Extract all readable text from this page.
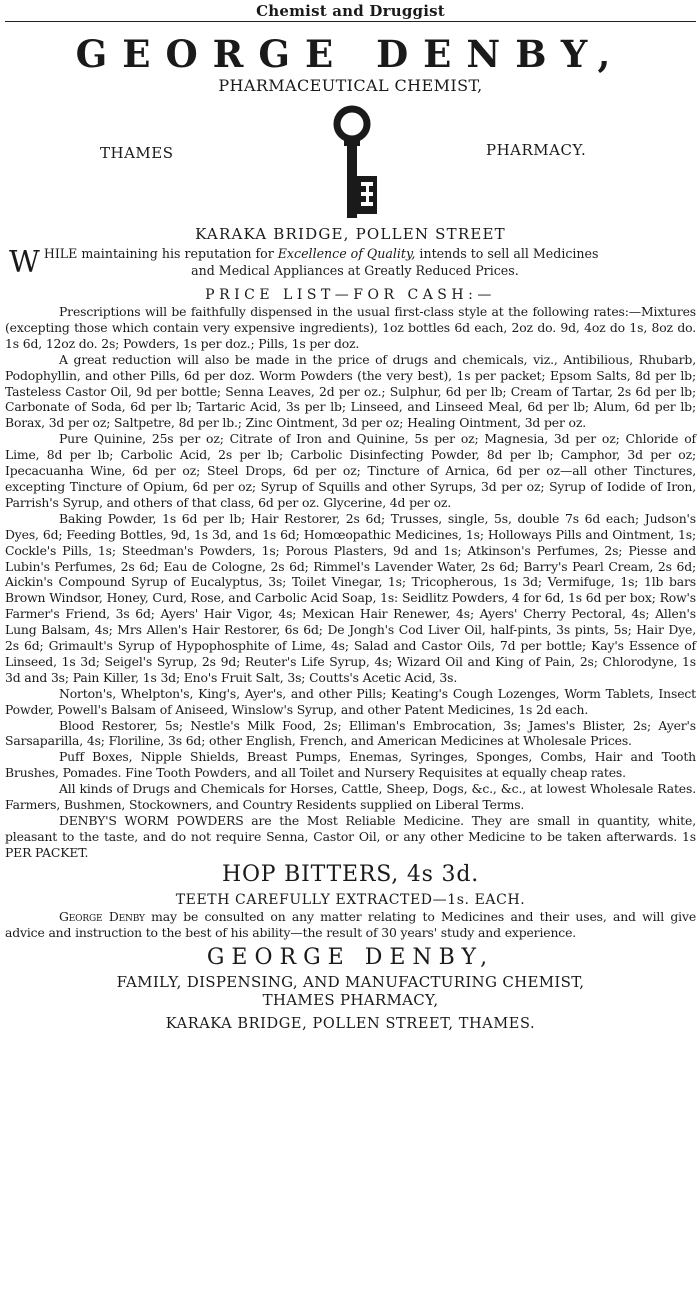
Chemist and Druggist
GEORGE DENBY,
PHARMACEUTICAL CHEMIST,
THAMES	PHARMACY.
KARAKA BRIDGE, POLLEN STREET
W HILE maintaining his reputation for Excellence of Quality, intends to sell all Medicines
and Medical Appliances at Greatly Reduced Prices.
PRICE LIST—FOR CASH:—

Prescriptions will be faithfully dispensed in the usual first-class style at the following rates:—Mixtures (excepting those which contain very expensive ingredients), 1oz bottles 6d each, 2oz do. 9d, 4oz do 1s, 8oz do. 1s 6d, 12oz do. 2s; Powders, 1s per doz.; Pills, 1s per doz.

A great reduction will also be made in the price of drugs and chemicals, viz., Antibilious, Rhubarb, Podophyllin, and other Pills, 6d per doz. Worm Powders (the very best), 1s per packet; Epsom Salts, 8d per lb; Tasteless Castor Oil, 9d per bottle; Senna Leaves, 2d per oz.; Sulphur, 6d per lb; Cream of Tartar, 2s 6d per lb; Carbonate of Soda, 6d per lb; Tartaric Acid, 3s per lb; Linseed, and Linseed Meal, 6d per lb; Alum, 6d per lb; Borax, 3d per oz; Saltpetre, 8d per lb.; Zinc Ointment, 3d per oz; Healing Ointment, 3d per oz.

Pure Quinine, 25s per oz; Citrate of Iron and Quinine, 5s per oz; Magnesia, 3d per oz; Chloride of Lime, 8d per lb; Carbolic Acid, 2s per lb; Carbolic Disinfecting Powder, 8d per lb; Camphor, 3d per oz; Ipecacuanha Wine, 6d per oz; Steel Drops, 6d per oz; Tincture of Arnica, 6d per oz—all other Tinctures, excepting Tincture of Opium, 6d per oz; Syrup of Squills and other Syrups, 3d per oz; Syrup of Iodide of Iron, Parrish's Syrup, and others of that class, 6d per oz. Glycerine, 4d per oz.

Baking Powder, 1s 6d per lb; Hair Restorer, 2s 6d; Trusses, single, 5s, double 7s 6d each; Judson's Dyes, 6d; Feeding Bottles, 9d, 1s 3d, and 1s 6d; Homœopathic Medicines, 1s; Holloways Pills and Ointment, 1s; Cockle's Pills, 1s; Steedman's Powders, 1s; Porous Plasters, 9d and 1s; Atkinson's Perfumes, 2s; Piesse and Lubin's Perfumes, 2s 6d; Eau de Cologne, 2s 6d; Rimmel's Lavender Water, 2s 6d; Barry's Pearl Cream, 2s 6d; Aickin's Compound Syrup of Eucalyptus, 3s; Toilet Vinegar, 1s; Tricopherous, 1s 3d; Vermifuge, 1s; 1lb bars Brown Windsor, Honey, Curd, Rose, and Carbolic Acid Soap, 1s: Seidlitz Powders, 4 for 6d, 1s 6d per box; Row's Farmer's Friend, 3s 6d; Ayers' Hair Vigor, 4s; Mexican Hair Renewer, 4s; Ayers' Cherry Pectoral, 4s; Allen's Lung Balsam, 4s; Mrs Allen's Hair Restorer, 6s 6d; De Jongh's Cod Liver Oil, half-pints, 3s pints, 5s; Hair Dye, 2s 6d; Grimault's Syrup of Hypophosphite of Lime, 4s; Salad and Castor Oils, 7d per bottle; Kay's Essence of Linseed, 1s 3d; Seigel's Syrup, 2s 9d; Reuter's Life Syrup, 4s; Wizard Oil and King of Pain, 2s; Chlorodyne, 1s 3d and 3s; Pain Killer, 1s 3d; Eno's Fruit Salt, 3s; Coutts's Acetic Acid, 3s.

Norton's, Whelpton's, King's, Ayer's, and other Pills; Keating's Cough Lozenges, Worm Tablets, Insect Powder, Powell's Balsam of Aniseed, Winslow's Syrup, and other Patent Medicines, 1s 2d each.

Blood Restorer, 5s; Nestle's Milk Food, 2s; Elliman's Embrocation, 3s; James's Blister, 2s; Ayer's Sarsaparilla, 4s; Floriline, 3s 6d; other English, French, and American Medicines at Wholesale Prices.

Puff Boxes, Nipple Shields, Breast Pumps, Enemas, Syringes, Sponges, Combs, Hair and Tooth Brushes, Pomades. Fine Tooth Powders, and all Toilet and Nursery Requisites at equally cheap rates.

All kinds of Drugs and Chemicals for Horses, Cattle, Sheep, Dogs, &c., &c., at lowest Wholesale Rates. Farmers, Bushmen, Stockowners, and Country Residents supplied on Liberal Terms.

DENBY'S WORM POWDERS are the Most Reliable Medicine. They are small in quantity, white, pleasant to the taste, and do not require Senna, Castor Oil, or any other Medicine to be taken afterwards. 1s PER PACKET.

HOP BITTERS, 4s 3d.
TEETH CAREFULLY EXTRACTED—1s. EACH.

George Denby may be consulted on any matter relating to Medicines and their uses, and will give advice and instruction to the best of his ability—the result of 30 years' study and experience.

GEORGE DENBY,
FAMILY, DISPENSING, AND MANUFACTURING CHEMIST,
THAMES PHARMACY,
KARAKA BRIDGE, POLLEN STREET, THAMES.
